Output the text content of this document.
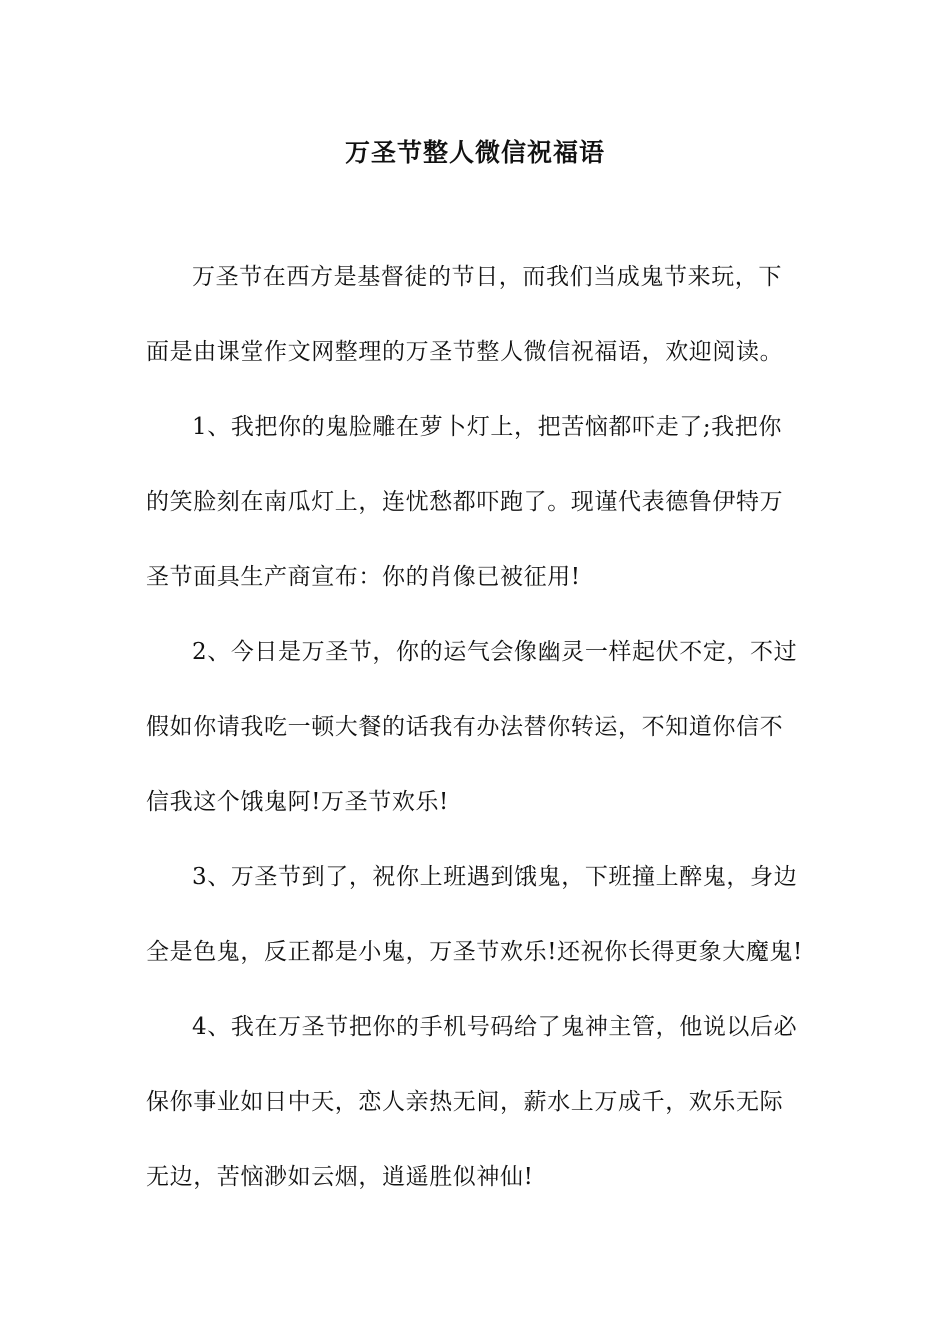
万圣节整人微信祝福语
万圣节在西方是基督徒的节日，而我们当成鬼节来玩，下
面是由课堂作文网整理的万圣节整人微信祝福语，欢迎阅读。
1、我把你的鬼脸雕在萝卜灯上，把苦恼都吓走了;我把你
的笑脸刻在南瓜灯上，连忧愁都吓跑了。现谨代表德鲁伊特万
圣节面具生产商宣布：你的肖像已被征用!
2、今日是万圣节，你的运气会像幽灵一样起伏不定，不过
假如你请我吃一顿大餐的话我有办法替你转运，不知道你信不
信我这个饿鬼阿!万圣节欢乐!
3、万圣节到了，祝你上班遇到饿鬼，下班撞上醉鬼，身边
全是色鬼，反正都是小鬼，万圣节欢乐!还祝你长得更象大魔鬼!
4、我在万圣节把你的手机号码给了鬼神主管，他说以后必
保你事业如日中天，恋人亲热无间，薪水上万成千，欢乐无际
无边，苦恼渺如云烟，逍遥胜似神仙!
